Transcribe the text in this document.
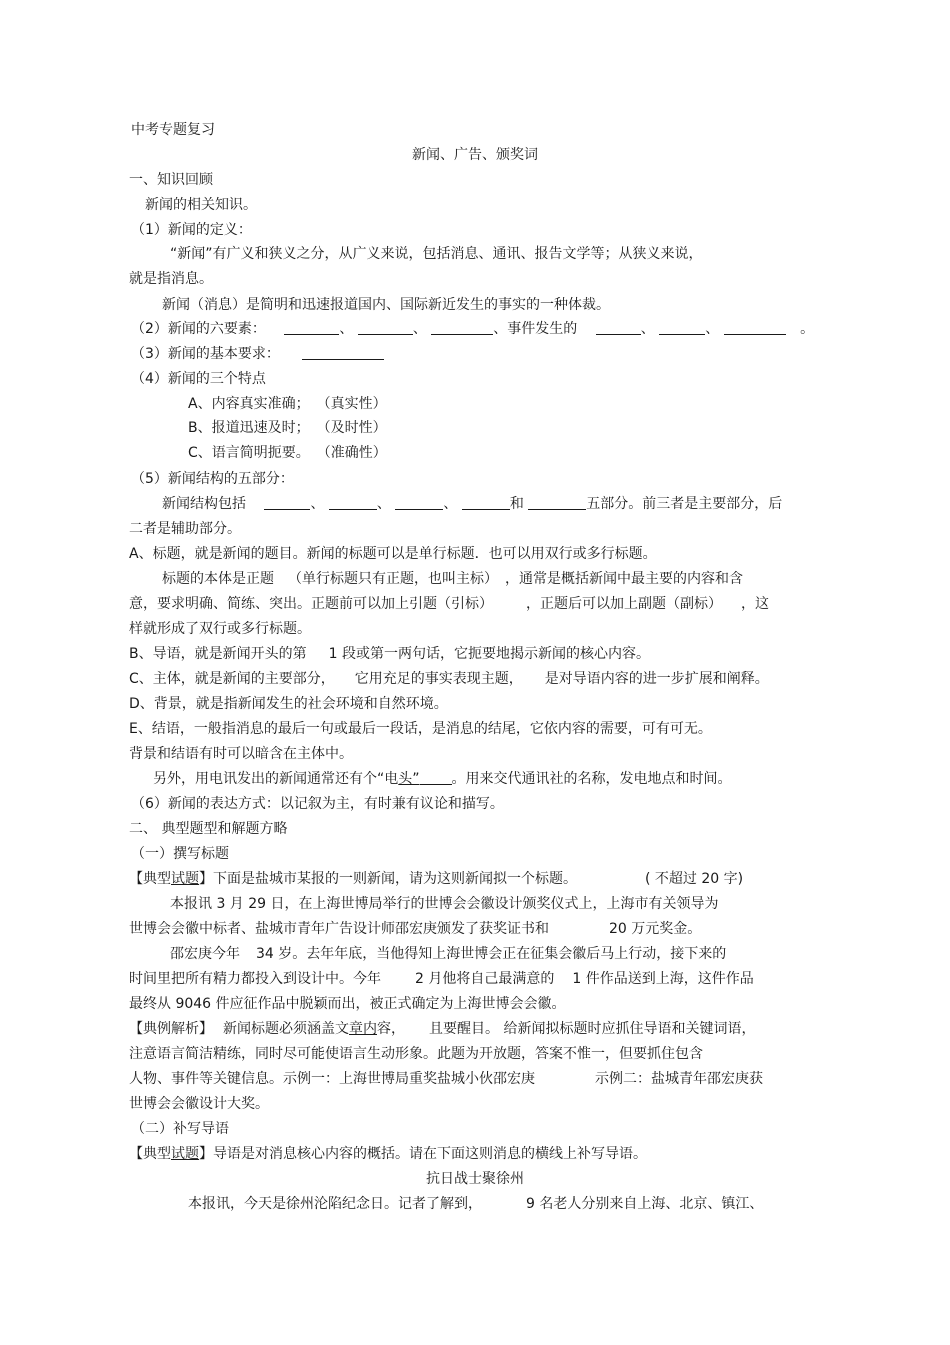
中考专题复习
新闻、广告、颁奖词
一、知识回顾
新闻的相关知识。
（1）新闻的定义：
“新闻”有广义和狭义之分，从广义来说，包括消息、通讯、报告文学等；从狭义来说，
就是指消息。
新闻（消息）是简明和迅速报道国内、国际新近发生的事实的一种体裁。
（2）新闻的六要素：	、	、	、事件发生的	、	、	。
（3）新闻的基本要求：
（4）新闻的三个特点
A、内容真实准确； （真实性）
B、报道迅速及时； （及时性）
C、语言简明扼要。 （准确性）
（5）新闻结构的五部分：
新闻结构包括	、	、	、	和	五部分。前三者是主要部分，后
二者是辅助部分。
A、标题，就是新闻的题目。新闻的标题可以是单行标题．也可以用双行或多行标题。
标题的本体是正题 （单行标题只有正题，也叫主标） ，通常是概括新闻中最主要的内容和含
意，要求明确、简练、突出。正题前可以加上引题（引标）	，正题后可以加上副题（副标） ，这
样就形成了双行或多行标题。
B、导语，就是新闻开头的第 1 段或第一两句话，它扼要地揭示新闻的核心内容。
C、主体，就是新闻的主要部分， 它用充足的事实表现主题， 是对导语内容的进一步扩展和阐释。
D、背景，就是指新闻发生的社会环境和自然环境。
E、结语，一般指消息的最后一句或最后一段话，是消息的结尾，它依内容的需要，可有可无。
背景和结语有时可以暗含在主体中。
另外，用电讯发出的新闻通常还有个“电头” 。用来交代通讯社的名称，发电地点和时间。
（6）新闻的表达方式：以记叙为主，有时兼有议论和描写。
二、 典型题型和解题方略
（一）撰写标题
【典型试题】下面是盐城市某报的一则新闻，请为这则新闻拟一个标题。	( 不超过 20 字)
本报讯 3 月 29 日，在上海世博局举行的世博会会徽设计颁奖仪式上，上海市有关领导为
世博会会徽中标者、盐城市青年广告设计师邵宏庚颁发了获奖证书和	20 万元奖金。
邵宏庚今年 34 岁。去年年底，当他得知上海世博会正在征集会徽后马上行动，接下来的
时间里把所有精力都投入到设计中。今年 2 月他将自己最满意的 1 件作品送到上海，这件作品
最终从 9046 件应征作品中脱颖而出，被正式确定为上海世博会会徽。
【典例解析】 新闻标题必须涵盖文章内容， 且要醒目。 给新闻拟标题时应抓住导语和关键词语，
注意语言简洁精练，同时尽可能使语言生动形象。此题为开放题，答案不惟一，但要抓住包含
人物、事件等关键信息。示例一：上海世博局重奖盐城小伙邵宏庚	示例二：盐城青年邵宏庚获
世博会会徽设计大奖。
（二）补写导语
【典型试题】导语是对消息核心内容的概括。请在下面这则消息的横线上补写导语。
抗日战士聚徐州
本报讯，今天是徐州沦陷纪念日。记者了解到，	9 名老人分别来自上海、北京、镇江、
